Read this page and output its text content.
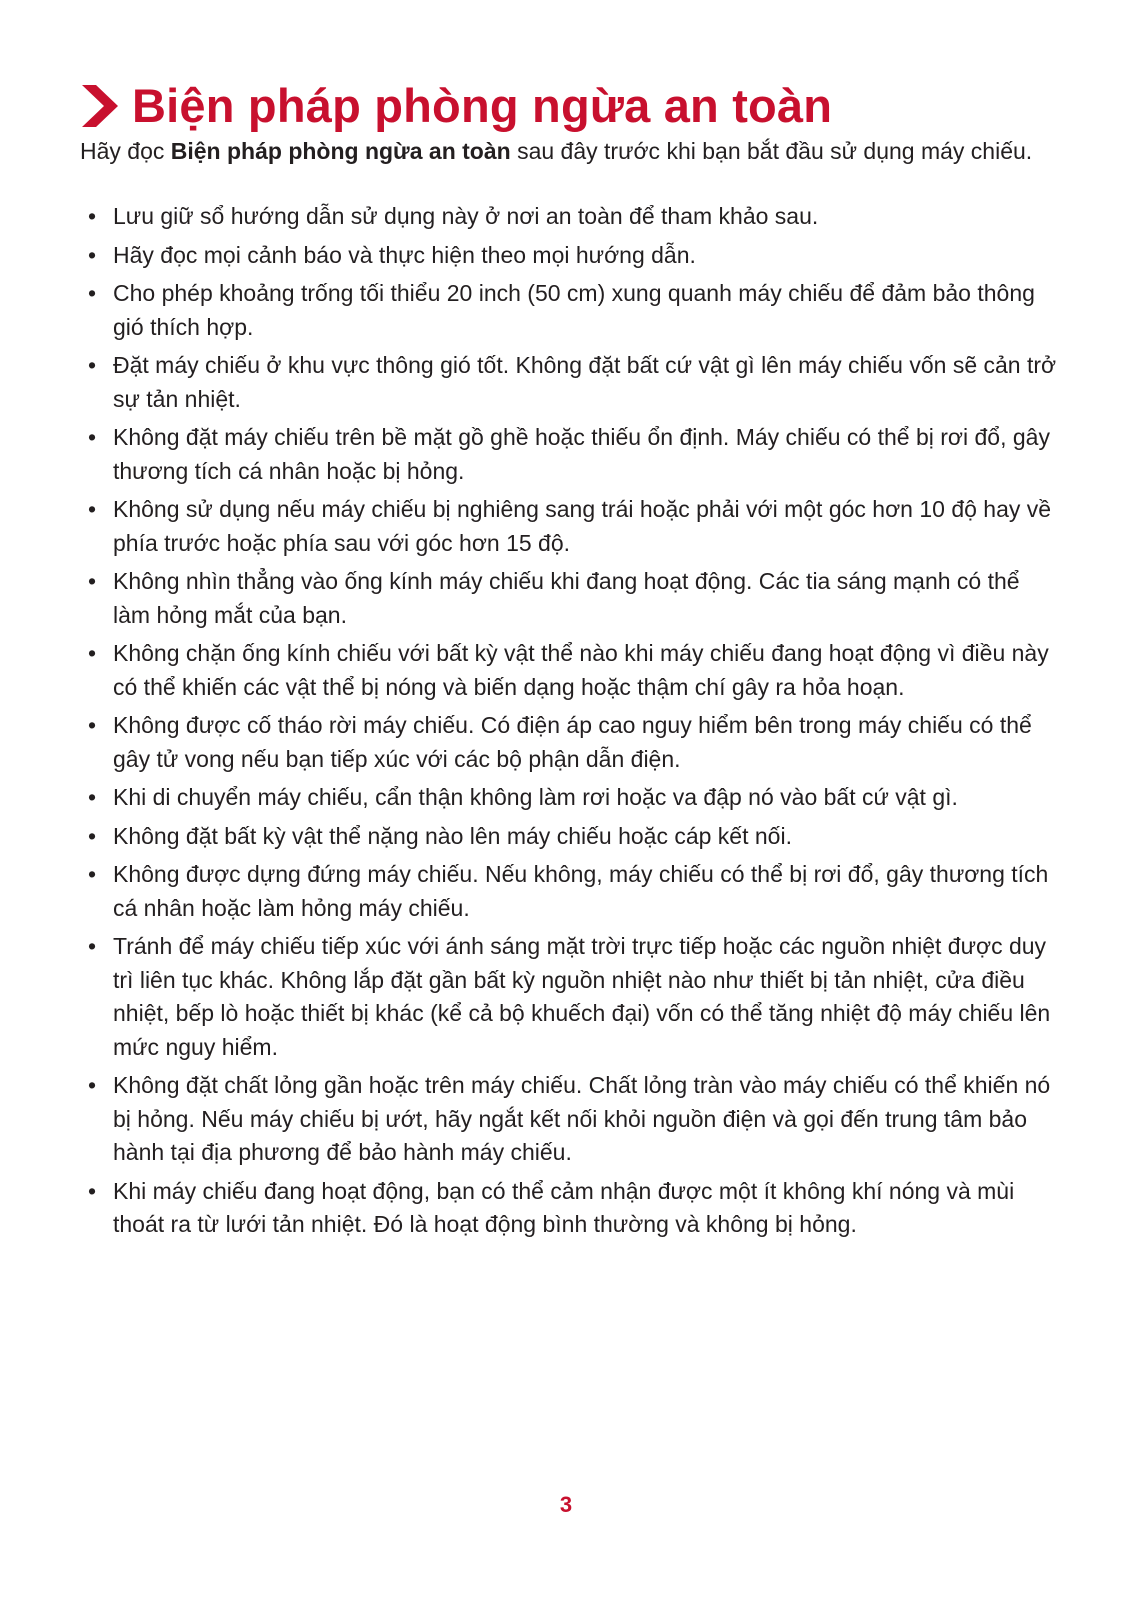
Biện pháp phòng ngừa an toàn

Hãy đọc Biện pháp phòng ngừa an toàn sau đây trước khi bạn bắt đầu sử dụng máy chiếu.

• Lưu giữ sổ hướng dẫn sử dụng này ở nơi an toàn để tham khảo sau.
• Hãy đọc mọi cảnh báo và thực hiện theo mọi hướng dẫn.
• Cho phép khoảng trống tối thiểu 20 inch (50 cm) xung quanh máy chiếu để đảm bảo thông gió thích hợp.
• Đặt máy chiếu ở khu vực thông gió tốt. Không đặt bất cứ vật gì lên máy chiếu vốn sẽ cản trở sự tản nhiệt.
• Không đặt máy chiếu trên bề mặt gồ ghề hoặc thiếu ổn định. Máy chiếu có thể bị rơi đổ, gây thương tích cá nhân hoặc bị hỏng.
• Không sử dụng nếu máy chiếu bị nghiêng sang trái hoặc phải với một góc hơn 10 độ hay về phía trước hoặc phía sau với góc hơn 15 độ.
• Không nhìn thẳng vào ống kính máy chiếu khi đang hoạt động. Các tia sáng mạnh có thể làm hỏng mắt của bạn.
• Không chặn ống kính chiếu với bất kỳ vật thể nào khi máy chiếu đang hoạt động vì điều này có thể khiến các vật thể bị nóng và biến dạng hoặc thậm chí gây ra hỏa hoạn.
• Không được cố tháo rời máy chiếu. Có điện áp cao nguy hiểm bên trong máy chiếu có thể gây tử vong nếu bạn tiếp xúc với các bộ phận dẫn điện.
• Khi di chuyển máy chiếu, cẩn thận không làm rơi hoặc va đập nó vào bất cứ vật gì.
• Không đặt bất kỳ vật thể nặng nào lên máy chiếu hoặc cáp kết nối.
• Không được dựng đứng máy chiếu. Nếu không, máy chiếu có thể bị rơi đổ, gây thương tích cá nhân hoặc làm hỏng máy chiếu.
• Tránh để máy chiếu tiếp xúc với ánh sáng mặt trời trực tiếp hoặc các nguồn nhiệt được duy trì liên tục khác. Không lắp đặt gần bất kỳ nguồn nhiệt nào như thiết bị tản nhiệt, cửa điều nhiệt, bếp lò hoặc thiết bị khác (kể cả bộ khuếch đại) vốn có thể tăng nhiệt độ máy chiếu lên mức nguy hiểm.
• Không đặt chất lỏng gần hoặc trên máy chiếu. Chất lỏng tràn vào máy chiếu có thể khiến nó bị hỏng. Nếu máy chiếu bị ướt, hãy ngắt kết nối khỏi nguồn điện và gọi đến trung tâm bảo hành tại địa phương để bảo hành máy chiếu.
• Khi máy chiếu đang hoạt động, bạn có thể cảm nhận được một ít không khí nóng và mùi thoát ra từ lưới tản nhiệt. Đó là hoạt động bình thường và không bị hỏng.
3
